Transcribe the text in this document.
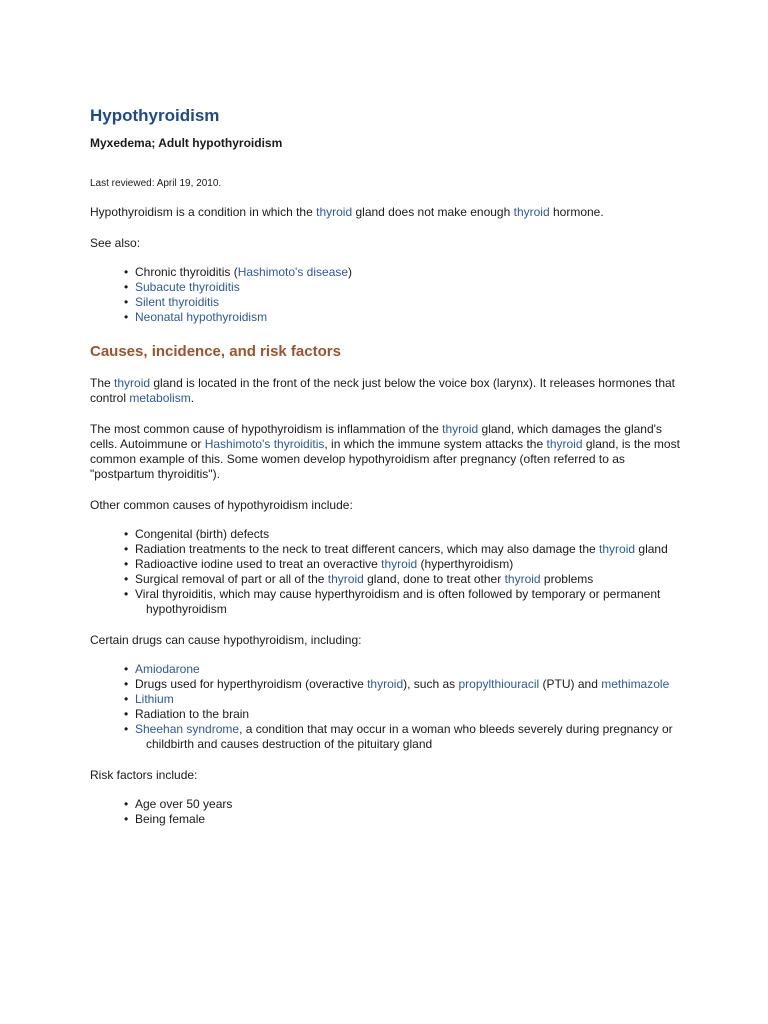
Hypothyroidism
Myxedema; Adult hypothyroidism
Last reviewed: April 19, 2010.

Hypothyroidism is a condition in which the thyroid gland does not make enough thyroid hormone.

See also:

• Chronic thyroiditis (Hashimoto's disease)
• Subacute thyroiditis
• Silent thyroiditis
• Neonatal hypothyroidism
Causes, incidence, and risk factors

The thyroid gland is located in the front of the neck just below the voice box (larynx). It releases hormones that control metabolism.

The most common cause of hypothyroidism is inflammation of the thyroid gland, which damages the gland's cells. Autoimmune or Hashimoto's thyroiditis, in which the immune system attacks the thyroid gland, is the most common example of this. Some women develop hypothyroidism after pregnancy (often referred to as "postpartum thyroiditis").

Other common causes of hypothyroidism include:

• Congenital (birth) defects
• Radiation treatments to the neck to treat different cancers, which may also damage the thyroid gland
• Radioactive iodine used to treat an overactive thyroid (hyperthyroidism)
• Surgical removal of part or all of the thyroid gland, done to treat other thyroid problems
• Viral thyroiditis, which may cause hyperthyroidism and is often followed by temporary or permanent hypothyroidism

Certain drugs can cause hypothyroidism, including:

• Amiodarone
• Drugs used for hyperthyroidism (overactive thyroid), such as propylthiouracil (PTU) and methimazole
• Lithium
• Radiation to the brain
• Sheehan syndrome, a condition that may occur in a woman who bleeds severely during pregnancy or childbirth and causes destruction of the pituitary gland

Risk factors include:

• Age over 50 years
• Being female
